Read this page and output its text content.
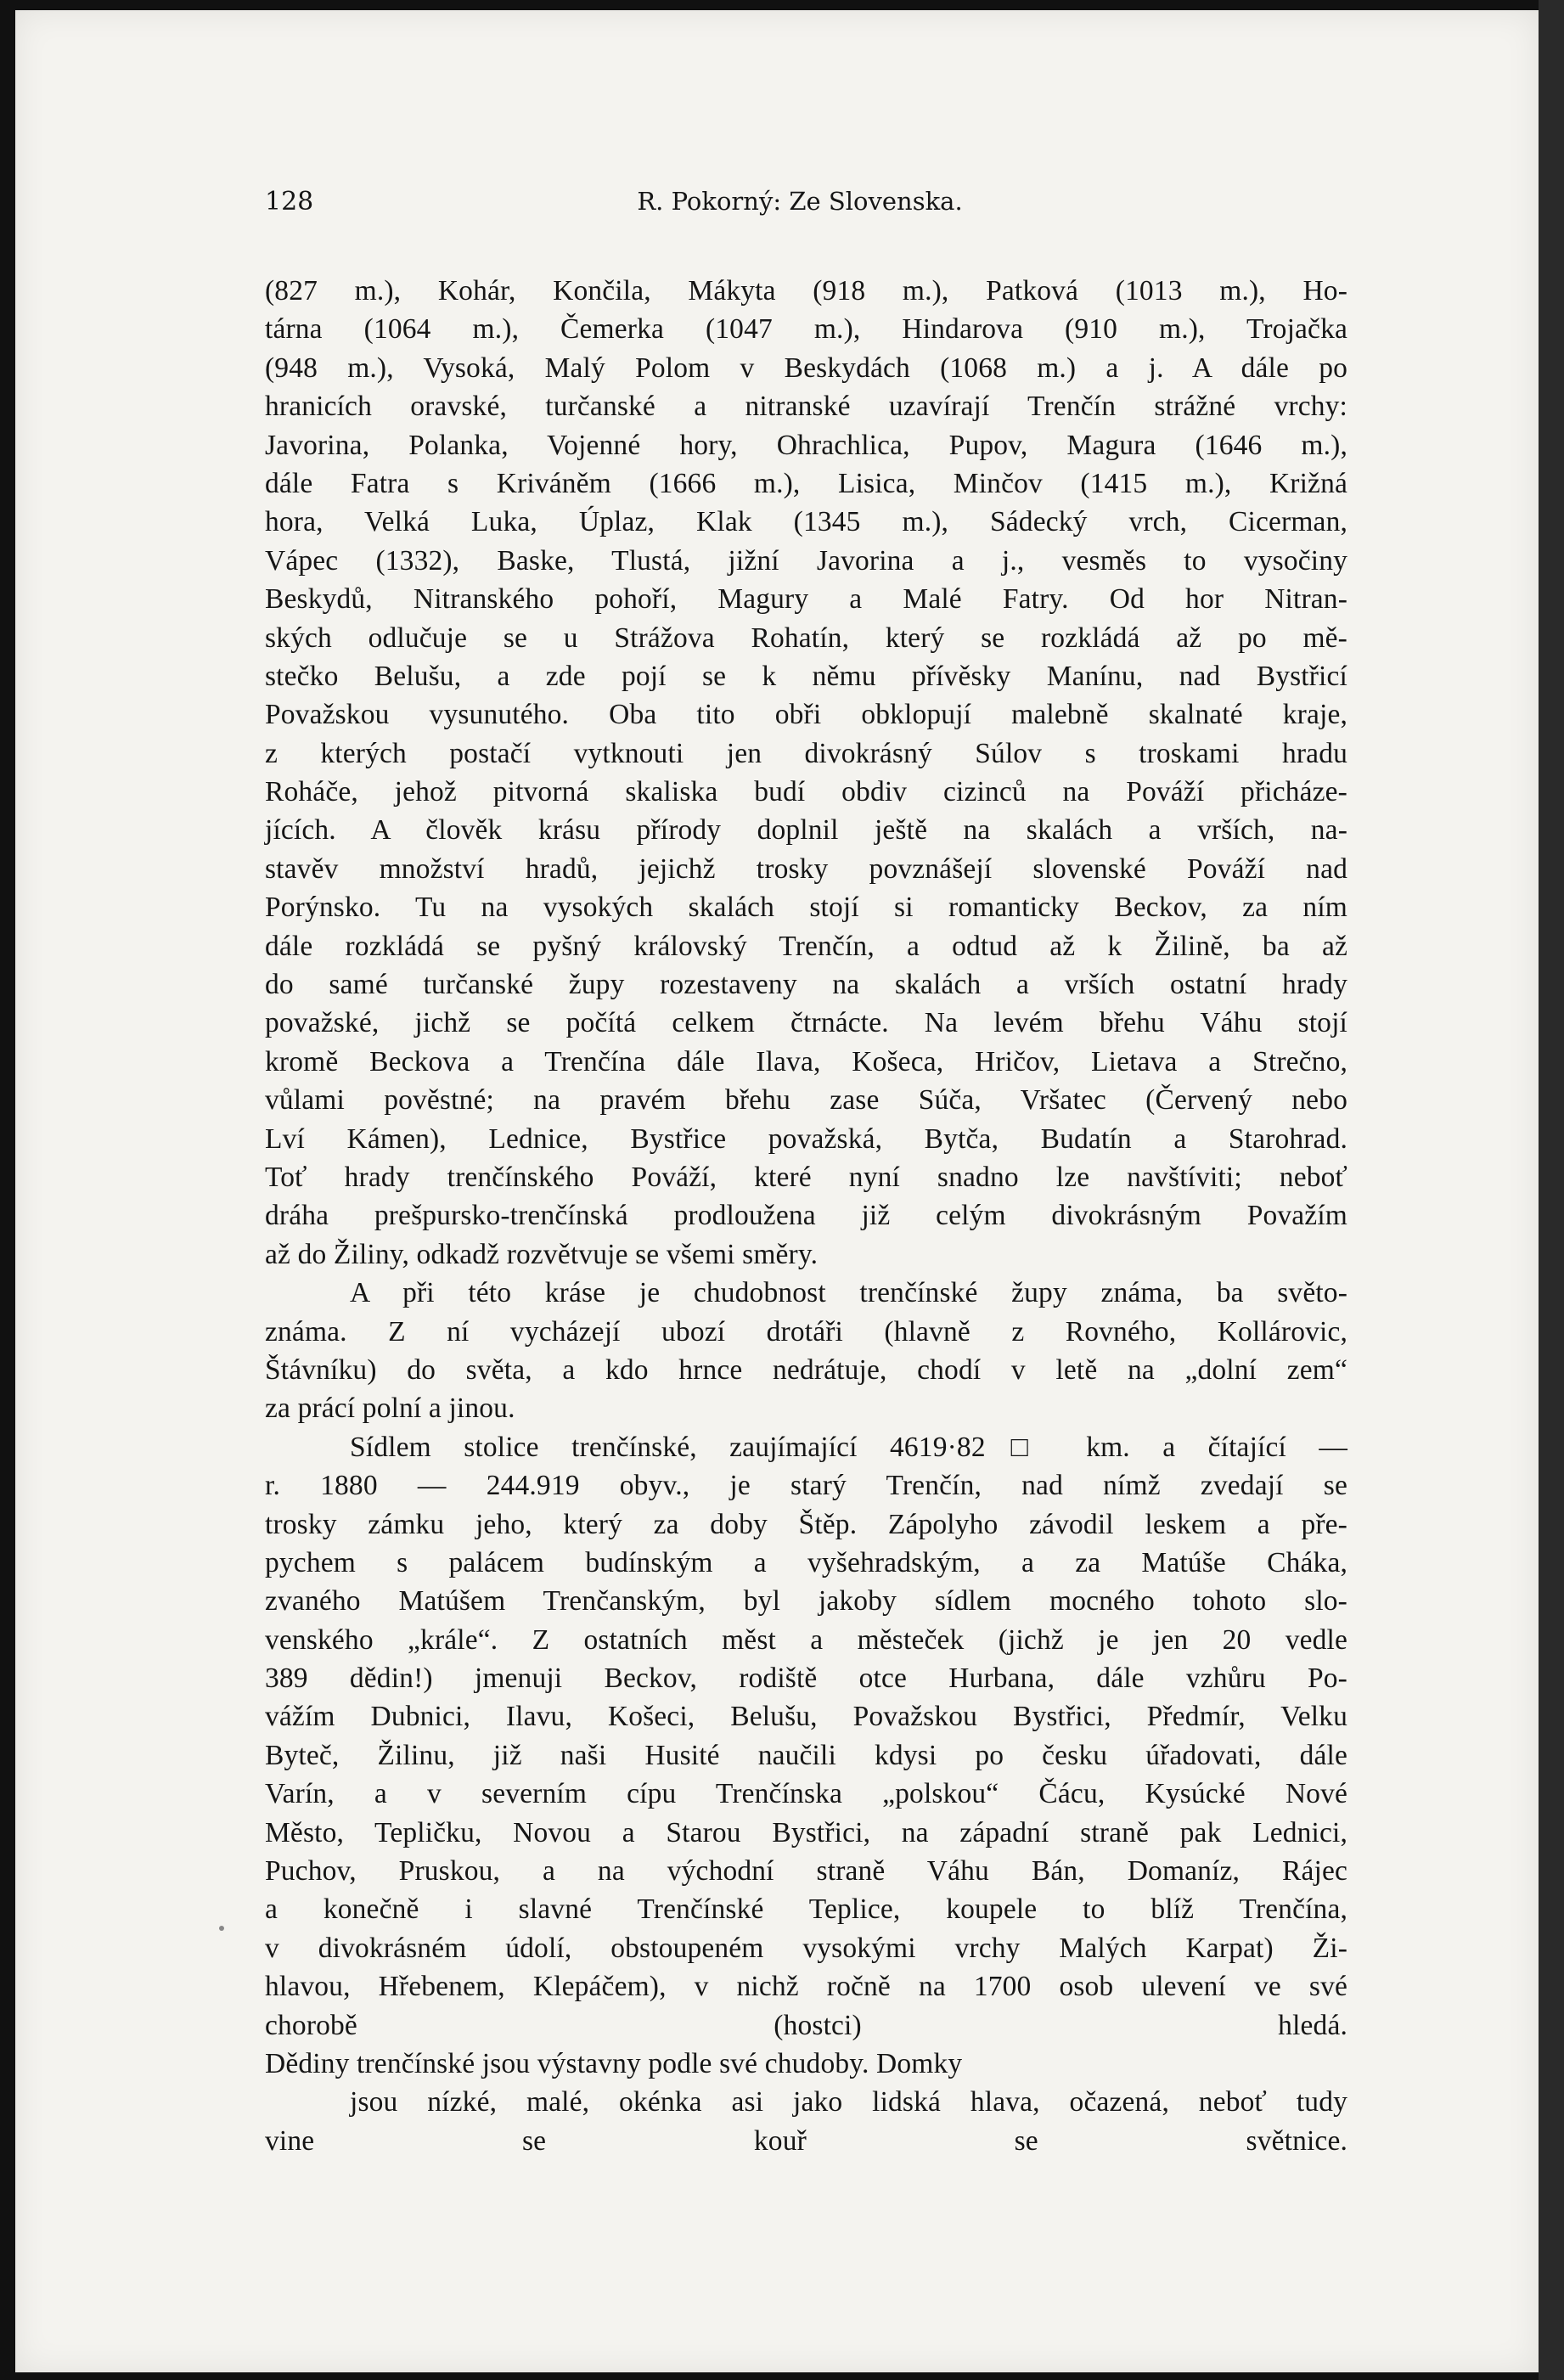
128	R. Pokorný: Ze Slovenska.
(827 m.), Kohár, Končila, Mákyta (918 m.), Patková (1013 m.), Ho-
tárna (1064 m.), Čemerka (1047 m.), Hindarova (910 m.), Trojačka
(948 m.), Vysoká, Malý Polom v Beskydách (1068 m.) a j. A dále po
hranicích oravské, turčanské a nitranské uzavírají Trenčín strážné vrchy:
Javorina, Polanka, Vojenné hory, Ohrachlica, Pupov, Magura (1646 m.),
dále Fatra s Kriváněm (1666 m.), Lisica, Minčov (1415 m.), Križná
hora, Velká Luka, Úplaz, Klak (1345 m.), Sádecký vrch, Cicerman,
Vápec (1332), Baske, Tlustá, jižní Javorina a j., vesměs to vysočiny
Beskydů, Nitranského pohoří, Magury a Malé Fatry. Od hor Nitran-
ských odlučuje se u Strážova Rohatín, který se rozkládá až po mě-
stečko Belušu, a zde pojí se k němu přívěsky Manínu, nad Bystřicí
Považskou vysunutého. Oba tito obři obklopují malebně skalnaté kraje,
z kterých postačí vytknouti jen divokrásný Súlov s troskami hradu
Roháče, jehož pitvorná skaliska budí obdiv cizinců na Pováží přicháze-
jících. A člověk krásu přírody doplnil ještě na skalách a vrších, na-
stavěv množství hradů, jejichž trosky povznášejí slovenské Pováží nad
Porýnsko. Tu na vysokých skalách stojí si romanticky Beckov, za ním
dále rozkládá se pyšný královský Trenčín, a odtud až k Žilině, ba až
do samé turčanské župy rozestaveny na skalách a vrších ostatní hrady
považské, jichž se počítá celkem čtrnácte. Na levém břehu Váhu stojí
kromě Beckova a Trenčína dále Ilava, Košeca, Hričov, Lietava a Strečno,
vůlami pověstné; na pravém břehu zase Súča, Vršatec (Červený nebo
Lví Kámen), Lednice, Bystřice považská, Bytča, Budatín a Starohrad.
Toť hrady trenčínského Pováží, které nyní snadno lze navštíviti; neboť
dráha prešpursko-trenčínská prodloužena již celým divokrásným Považím
až do Žiliny, odkadž rozvětvuje se všemi směry.
A při této kráse je chudobnost trenčínské župy známa, ba světo-
známa. Z ní vycházejí ubozí drotáři (hlavně z Rovného, Kollárovic,
Štávníku) do světa, a kdo hrnce nedrátuje, chodí v letě na „dolní zem“
za prácí polní a jinou.
Sídlem stolice trenčínské, zaujímající 4619·82□ km. a čítající —
r. 1880 — 244.919 obyv., je starý Trenčín, nad nímž zvedají se
trosky zámku jeho, který za doby Štěp. Zápolyho závodil leskem a pře-
pychem s palácem budínským a vyšehradským, a za Matúše Cháka,
zvaného Matúšem Trenčanským, byl jakoby sídlem mocného tohoto slo-
venského „krále“. Z ostatních měst a městeček (jichž je jen 20 vedle
389 dědin!) jmenuji Beckov, rodiště otce Hurbana, dále vzhůru Po-
vážím Dubnici, Ilavu, Košeci, Belušu, Považskou Bystřici, Předmír, Velku
Byteč, Žilinu, již naši Husité naučili kdysi po česku úřadovati, dále
Varín, a v severním cípu Trenčínska „polskou“ Čácu, Kysúcké Nové
Město, Tepličku, Novou a Starou Bystřici, na západní straně pak Lednici,
Puchov, Pruskou, a na východní straně Váhu Bán, Domaníz, Rájec
a konečně i slavné Trenčínské Teplice, koupele to blíž Trenčína,
v divokrásném údolí, obstoupeném vysokými vrchy Malých Karpat) Ži-
hlavou, Hřebenem, Klepáčem), v nichž ročně na 1700 osob ulevení ve své
chorobě (hostci) hledá.
Dědiny trenčínské jsou výstavny podle své chudoby. Domky
jsou nízké, malé, okénka asi jako lidská hlava, očazená, neboť tudy
vine se kouř se světnice.
